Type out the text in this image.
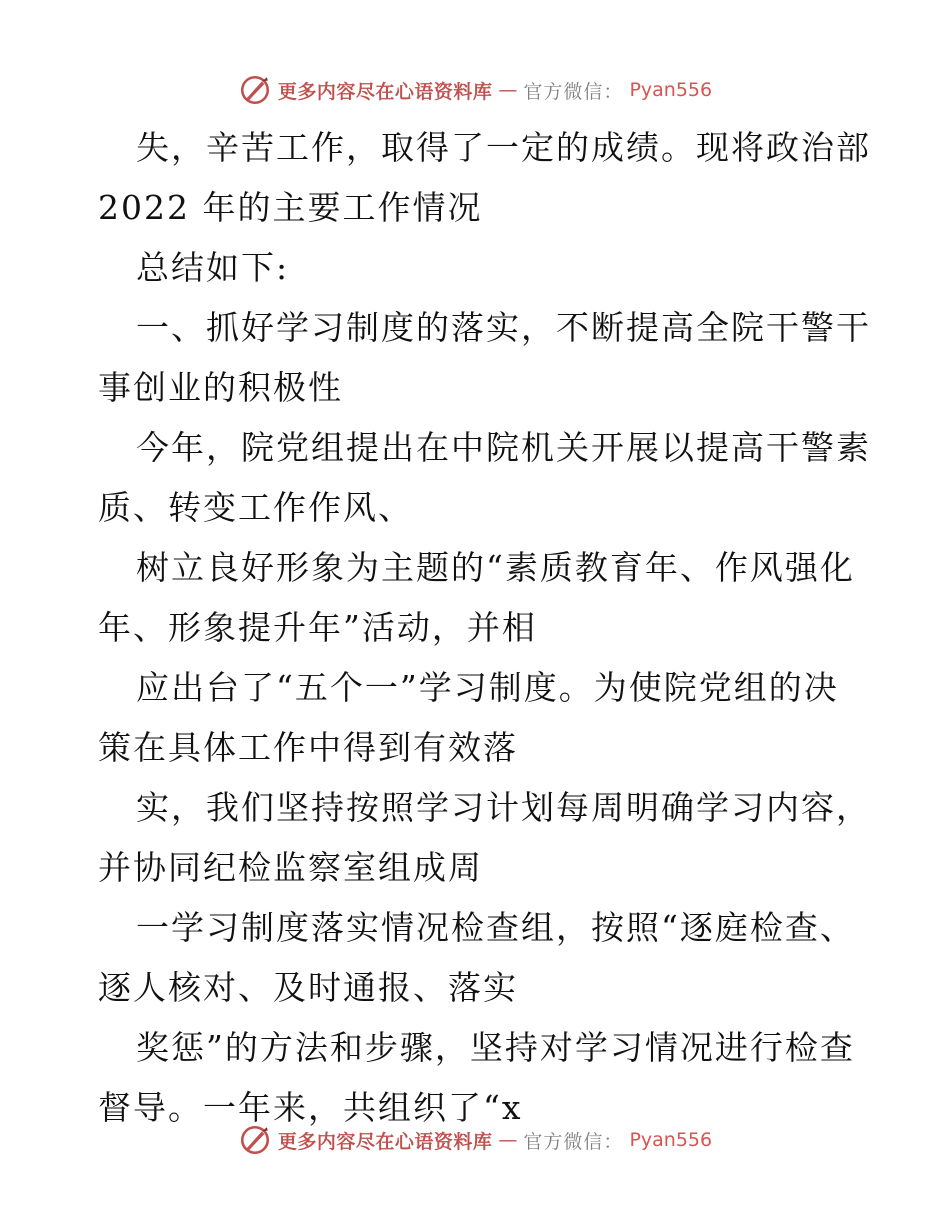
更多内容尽在心语资料库 — 官方微信： Pyan556
失，辛苦工作，取得了一定的成绩。现将政治部
2022 年的主要工作情况
总结如下:
一、抓好学习制度的落实，不断提高全院干警干
事创业的积极性
今年，院党组提出在中院机关开展以提高干警素
质、转变工作作风、
树立良好形象为主题的“素质教育年、作风强化
年、形象提升年”活动，并相
应出台了“五个一”学习制度。为使院党组的决
策在具体工作中得到有效落
实，我们坚持按照学习计划每周明确学习内容，
并协同纪检监察室组成周
一学习制度落实情况检查组，按照“逐庭检查、
逐人核对、及时通报、落实
奖惩”的方法和步骤，坚持对学习情况进行检查
督导。一年来，共组织了“x
更多内容尽在心语资料库 — 官方微信： Pyan556
